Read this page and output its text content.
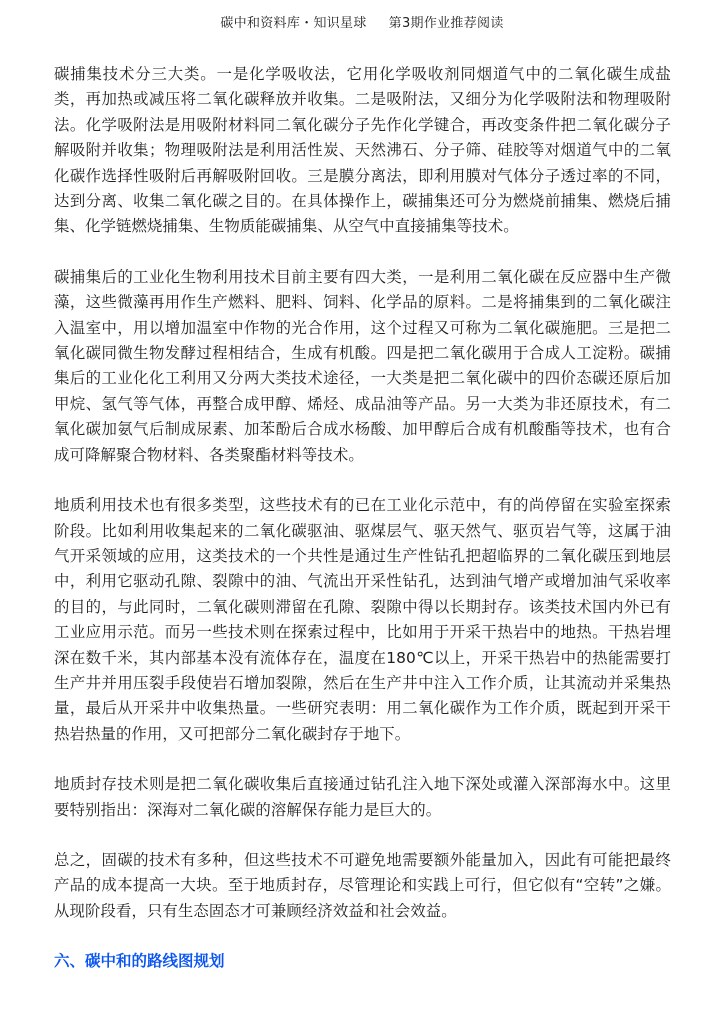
碳中和资料库・知识星球 第3期作业推荐阅读

碳捕集技术分三大类。一是化学吸收法，它用化学吸收剂同烟道气中的二氧化碳生成盐类，再加热或减压将二氧化碳释放并收集。二是吸附法，又细分为化学吸附法和物理吸附法。化学吸附法是用吸附材料同二氧化碳分子先作化学键合，再改变条件把二氧化碳分子解吸附并收集；物理吸附法是利用活性炭、天然沸石、分子筛、硅胶等对烟道气中的二氧化碳作选择性吸附后再解吸附回收。三是膜分离法，即利用膜对气体分子透过率的不同，达到分离、收集二氧化碳之目的。在具体操作上，碳捕集还可分为燃烧前捕集、燃烧后捕集、化学链燃烧捕集、生物质能碳捕集、从空气中直接捕集等技术。

碳捕集后的工业化生物利用技术目前主要有四大类，一是利用二氧化碳在反应器中生产微藻，这些微藻再用作生产燃料、肥料、饲料、化学品的原料。二是将捕集到的二氧化碳注入温室中，用以增加温室中作物的光合作用，这个过程又可称为二氧化碳施肥。三是把二氧化碳同微生物发酵过程相结合，生成有机酸。四是把二氧化碳用于合成人工淀粉。碳捕集后的工业化化工利用又分两大类技术途径，一大类是把二氧化碳中的四价态碳还原后加甲烷、氢气等气体，再整合成甲醇、烯烃、成品油等产品。另一大类为非还原技术，有二氧化碳加氨气后制成尿素、加苯酚后合成水杨酸、加甲醇后合成有机酸酯等技术，也有合成可降解聚合物材料、各类聚酯材料等技术。

地质利用技术也有很多类型，这些技术有的已在工业化示范中，有的尚停留在实验室探索阶段。比如利用收集起来的二氧化碳驱油、驱煤层气、驱天然气、驱页岩气等，这属于油气开采领域的应用，这类技术的一个共性是通过生产性钻孔把超临界的二氧化碳压到地层中，利用它驱动孔隙、裂隙中的油、气流出开采性钻孔，达到油气增产或增加油气采收率的目的，与此同时，二氧化碳则滞留在孔隙、裂隙中得以长期封存。该类技术国内外已有工业应用示范。而另一些技术则在探索过程中，比如用于开采干热岩中的地热。干热岩埋深在数千米，其内部基本没有流体存在，温度在180℃以上，开采干热岩中的热能需要打生产井并用压裂手段使岩石增加裂隙，然后在生产井中注入工作介质，让其流动并采集热量，最后从开采井中收集热量。一些研究表明：用二氧化碳作为工作介质，既起到开采干热岩热量的作用，又可把部分二氧化碳封存于地下。

地质封存技术则是把二氧化碳收集后直接通过钻孔注入地下深处或灌入深部海水中。这里要特别指出：深海对二氧化碳的溶解保存能力是巨大的。

总之，固碳的技术有多种，但这些技术不可避免地需要额外能量加入，因此有可能把最终产品的成本提高一大块。至于地质封存，尽管理论和实践上可行，但它似有“空转”之嫌。从现阶段看，只有生态固态才可兼顾经济效益和社会效益。

六、碳中和的路线图规划
